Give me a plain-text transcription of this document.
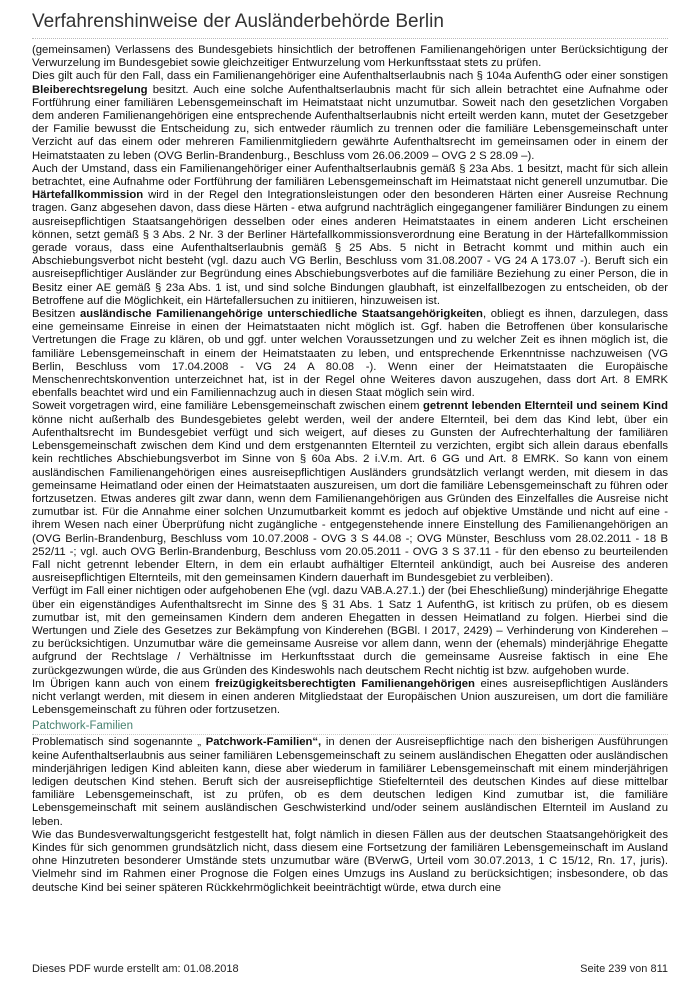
Verfahrenshinweise der Ausländerbehörde Berlin

(gemeinsamen) Verlassens des Bundesgebiets hinsichtlich der betroffenen Familienangehörigen unter Berücksichtigung der Verwurzelung im Bundesgebiet sowie gleichzeitiger Entwurzelung vom Herkunftsstaat stets zu prüfen.

Dies gilt auch für den Fall, dass ein Familienangehöriger eine Aufenthaltserlaubnis nach § 104a AufenthG oder einer sonstigen Bleiberechtsregelung besitzt. Auch eine solche Aufenthaltserlaubnis macht für sich allein betrachtet eine Aufnahme oder Fortführung einer familiären Lebensgemeinschaft im Heimatstaat nicht unzumutbar. Soweit nach den gesetzlichen Vorgaben dem anderen Familienangehörigen eine entsprechende Aufenthaltserlaubnis nicht erteilt werden kann, mutet der Gesetzgeber der Familie bewusst die Entscheidung zu, sich entweder räumlich zu trennen oder die familiäre Lebensgemeinschaft unter Verzicht auf das einem oder mehreren Familienmitgliedern gewährte Aufenthaltsrecht im gemeinsamen oder in einem der Heimatstaaten zu leben (OVG Berlin-Brandenburg., Beschluss vom 26.06.2009 – OVG 2 S 28.09 –).

Auch der Umstand, dass ein Familienangehöriger einer Aufenthaltserlaubnis gemäß § 23a Abs. 1 besitzt, macht für sich allein betrachtet, eine Aufnahme oder Fortführung der familiären Lebensgemeinschaft im Heimatstaat nicht generell unzumutbar. Die Härtefallkommission wird in der Regel den Integrationsleistungen oder den besonderen Härten einer Ausreise Rechnung tragen. Ganz abgesehen davon, dass diese Härten - etwa aufgrund nachträglich eingegangener familiärer Bindungen zu einem ausreisepflichtigen Staatsangehörigen desselben oder eines anderen Heimatstaates in einem anderen Licht erscheinen können, setzt gemäß § 3 Abs. 2 Nr. 3 der Berliner Härtefallkommissionsverordnung eine Beratung in der Härtefallkommission gerade voraus, dass eine Aufenthaltserlaubnis gemäß § 25 Abs. 5 nicht in Betracht kommt und mithin auch ein Abschiebungsverbot nicht besteht (vgl. dazu auch VG Berlin, Beschluss vom 31.08.2007 - VG 24 A 173.07 -). Beruft sich ein ausreisepflichtiger Ausländer zur Begründung eines Abschiebungsverbotes auf die familiäre Beziehung zu einer Person, die in Besitz einer AE gemäß § 23a Abs. 1 ist, und sind solche Bindungen glaubhaft, ist einzelfallbezogen zu entscheiden, ob der Betroffene auf die Möglichkeit, ein Härtefallersuchen zu initiieren, hinzuweisen ist.

Besitzen ausländische Familienangehörige unterschiedliche Staatsangehörigkeiten, obliegt es ihnen, darzulegen, dass eine gemeinsame Einreise in einen der Heimatstaaten nicht möglich ist. Ggf. haben die Betroffenen über konsularische Vertretungen die Frage zu klären, ob und ggf. unter welchen Voraussetzungen und zu welcher Zeit es ihnen möglich ist, die familiäre Lebensgemeinschaft in einem der Heimatstaaten zu leben, und entsprechende Erkenntnisse nachzuweisen (VG Berlin, Beschluss vom 17.04.2008 - VG 24 A 80.08 -). Wenn einer der Heimatstaaten die Europäische Menschenrechtskonvention unterzeichnet hat, ist in der Regel ohne Weiteres davon auszugehen, dass dort Art. 8 EMRK ebenfalls beachtet wird und ein Familiennachzug auch in diesen Staat möglich sein wird.

Soweit vorgetragen wird, eine familiäre Lebensgemeinschaft zwischen einem getrennt lebenden Elternteil und seinem Kind könne nicht außerhalb des Bundesgebietes gelebt werden, weil der andere Elternteil, bei dem das Kind lebt, über ein Aufenthaltsrecht im Bundesgebiet verfügt und sich weigert, auf dieses zu Gunsten der Aufrechterhaltung der familiären Lebensgemeinschaft zwischen dem Kind und dem erstgenannten Elternteil zu verzichten, ergibt sich allein daraus ebenfalls kein rechtliches Abschiebungsverbot im Sinne von § 60a Abs. 2 i.V.m. Art. 6 GG und Art. 8 EMRK. So kann von einem ausländischen Familienangehörigen eines ausreisepflichtigen Ausländers grundsätzlich verlangt werden, mit diesem in das gemeinsame Heimatland oder einen der Heimatstaaten auszureisen, um dort die familiäre Lebensgemeinschaft zu führen oder fortzusetzen. Etwas anderes gilt zwar dann, wenn dem Familienangehörigen aus Gründen des Einzelfalles die Ausreise nicht zumutbar ist. Für die Annahme einer solchen Unzumutbarkeit kommt es jedoch auf objektive Umstände und nicht auf eine - ihrem Wesen nach einer Überprüfung nicht zugängliche - entgegenstehende innere Einstellung des Familienangehörigen an (OVG Berlin-Brandenburg, Beschluss vom 10.07.2008 - OVG 3 S 44.08 -; OVG Münster, Beschluss vom 28.02.2011 - 18 B 252/11 -; vgl. auch OVG Berlin-Brandenburg, Beschluss vom 20.05.2011 - OVG 3 S 37.11 - für den ebenso zu beurteilenden Fall nicht getrennt lebender Eltern, in dem ein erlaubt aufhältiger Elternteil ankündigt, auch bei Ausreise des anderen ausreisepflichtigen Elternteils, mit den gemeinsamen Kindern dauerhaft im Bundesgebiet zu verbleiben).

Verfügt im Fall einer nichtigen oder aufgehobenen Ehe (vgl. dazu VAB.A.27.1.) der (bei Eheschließung) minderjährige Ehegatte über ein eigenständiges Aufenthaltsrecht im Sinne des § 31 Abs. 1 Satz 1 AufenthG, ist kritisch zu prüfen, ob es diesem zumutbar ist, mit den gemeinsamen Kindern dem anderen Ehegatten in dessen Heimatland zu folgen. Hierbei sind die Wertungen und Ziele des Gesetzes zur Bekämpfung von Kinderehen (BGBl. I 2017, 2429) – Verhinderung von Kinderehen – zu berücksichtigen. Unzumutbar wäre die gemeinsame Ausreise vor allem dann, wenn der (ehemals) minderjährige Ehegatte aufgrund der Rechtslage / Verhältnisse im Herkunftsstaat durch die gemeinsame Ausreise faktisch in eine Ehe zurückgezwungen würde, die aus Gründen des Kindeswohls nach deutschem Recht nichtig ist bzw. aufgehoben wurde.

Im Übrigen kann auch von einem freizügigkeitsberechtigten Familienangehörigen eines ausreisepflichtigen Ausländers nicht verlangt werden, mit diesem in einen anderen Mitgliedstaat der Europäischen Union auszureisen, um dort die familiäre Lebensgemeinschaft zu führen oder fortzusetzen.

Patchwork-Familien

Problematisch sind sogenannte „ Patchwork-Familien“, in denen der Ausreisepflichtige nach den bisherigen Ausführungen keine Aufenthaltserlaubnis aus seiner familiären Lebensgemeinschaft zu seinem ausländischen Ehegatten oder ausländischen minderjährigen ledigen Kind ableiten kann, diese aber wiederum in familiärer Lebensgemeinschaft mit einem minderjährigen ledigen deutschen Kind stehen. Beruft sich der ausreisepflichtige Stiefelternteil des deutschen Kindes auf diese mittelbar familiäre Lebensgemeinschaft, ist zu prüfen, ob es dem deutschen ledigen Kind zumutbar ist, die familiäre Lebensgemeinschaft mit seinem ausländischen Geschwisterkind und/oder seinem ausländischen Elternteil im Ausland zu leben.

Wie das Bundesverwaltungsgericht festgestellt hat, folgt nämlich in diesen Fällen aus der deutschen Staatsangehörigkeit des Kindes für sich genommen grundsätzlich nicht, dass diesem eine Fortsetzung der familiären Lebensgemeinschaft im Ausland ohne Hinzutreten besonderer Umstände stets unzumutbar wäre (BVerwG, Urteil vom 30.07.2013, 1 C 15/12, Rn. 17, juris). Vielmehr sind im Rahmen einer Prognose die Folgen eines Umzugs ins Ausland zu berücksichtigen; insbesondere, ob das deutsche Kind bei seiner späteren Rückkehrmöglichkeit beeinträchtigt würde, etwa durch eine

Dieses PDF wurde erstellt am: 01.08.2018	Seite 239 von 811
